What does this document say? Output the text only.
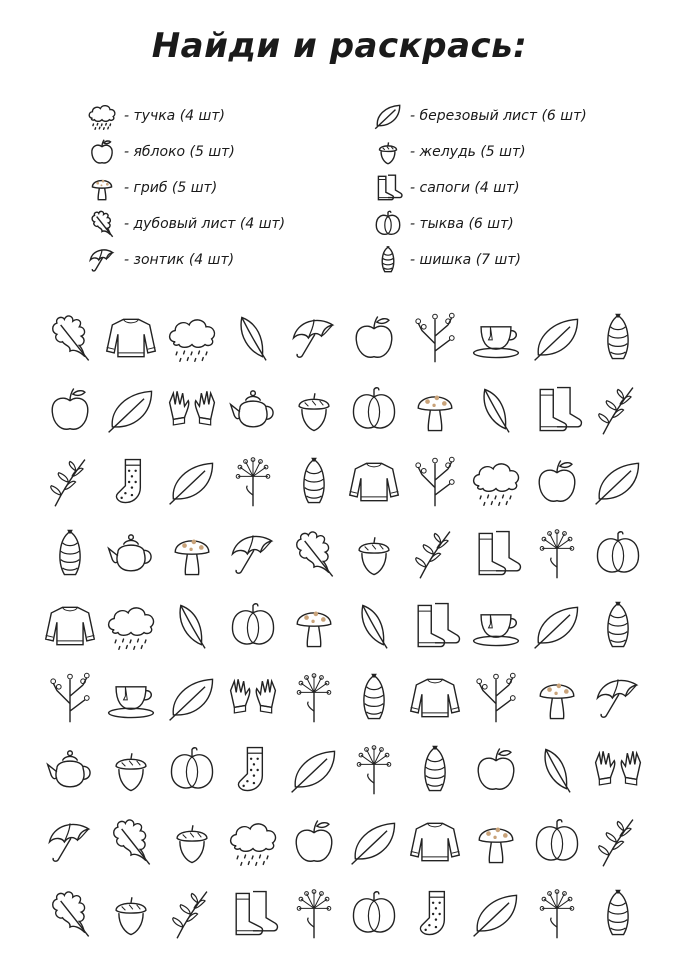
Найди и раскрась:
- тучка (4 шт)
- яблоко (5 шт)
- гриб (5 шт)
- дубовый лист (4 шт)
- зонтик (4 шт)
- березовый лист (6 шт)
- желудь (5 шт)
- сапоги (4 шт)
- тыква (6 шт)
- шишка (7 шт)
